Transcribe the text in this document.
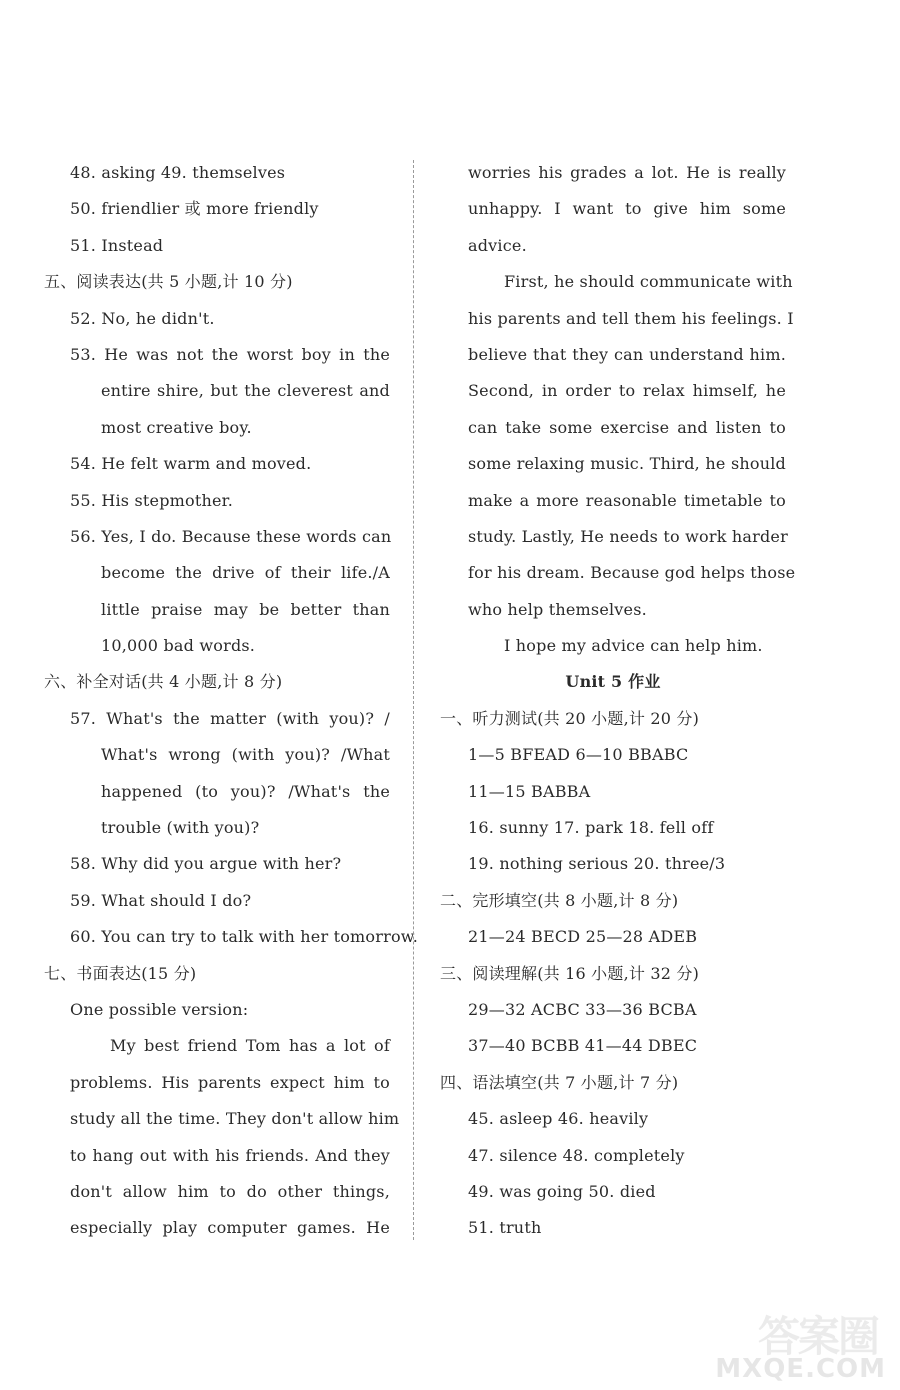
48. asking 49. themselves
50. friendlier 或 more friendly
51. Instead
五、阅读表达(共 5 小题,计 10 分)
52. No, he didn't.
53. He was not the worst boy in the
entire shire, but the cleverest and
most creative boy.
54. He felt warm and moved.
55. His stepmother.
56. Yes, I do. Because these words can
become the drive of their life./A
little praise may be better than
10,000 bad words.
六、补全对话(共 4 小题,计 8 分)
57. What's the matter (with you)? /
What's wrong (with you)? /What
happened (to you)? /What's the
trouble (with you)?
58. Why did you argue with her?
59. What should I do?
60. You can try to talk with her tomorrow.
七、书面表达(15 分)
One possible version:
My best friend Tom has a lot of
problems. His parents expect him to
study all the time. They don't allow him
to hang out with his friends. And they
don't allow him to do other things,
especially play computer games. He
worries his grades a lot. He is really
unhappy. I want to give him some
advice.
First, he should communicate with
his parents and tell them his feelings. I
believe that they can understand him.
Second, in order to relax himself, he
can take some exercise and listen to
some relaxing music. Third, he should
make a more reasonable timetable to
study. Lastly, He needs to work harder
for his dream. Because god helps those
who help themselves.
I hope my advice can help him.
Unit 5 作业
一、听力测试(共 20 小题,计 20 分)
1—5 BFEAD 6—10 BBABC
11—15 BABBA
16. sunny 17. park 18. fell off
19. nothing serious 20. three/3
二、完形填空(共 8 小题,计 8 分)
21—24 BECD 25—28 ADEB
三、阅读理解(共 16 小题,计 32 分)
29—32 ACBC 33—36 BCBA
37—40 BCBB 41—44 DBEC
四、语法填空(共 7 小题,计 7 分)
45. asleep 46. heavily
47. silence 48. completely
49. was going 50. died
51. truth
答案圈
MXQE.COM
